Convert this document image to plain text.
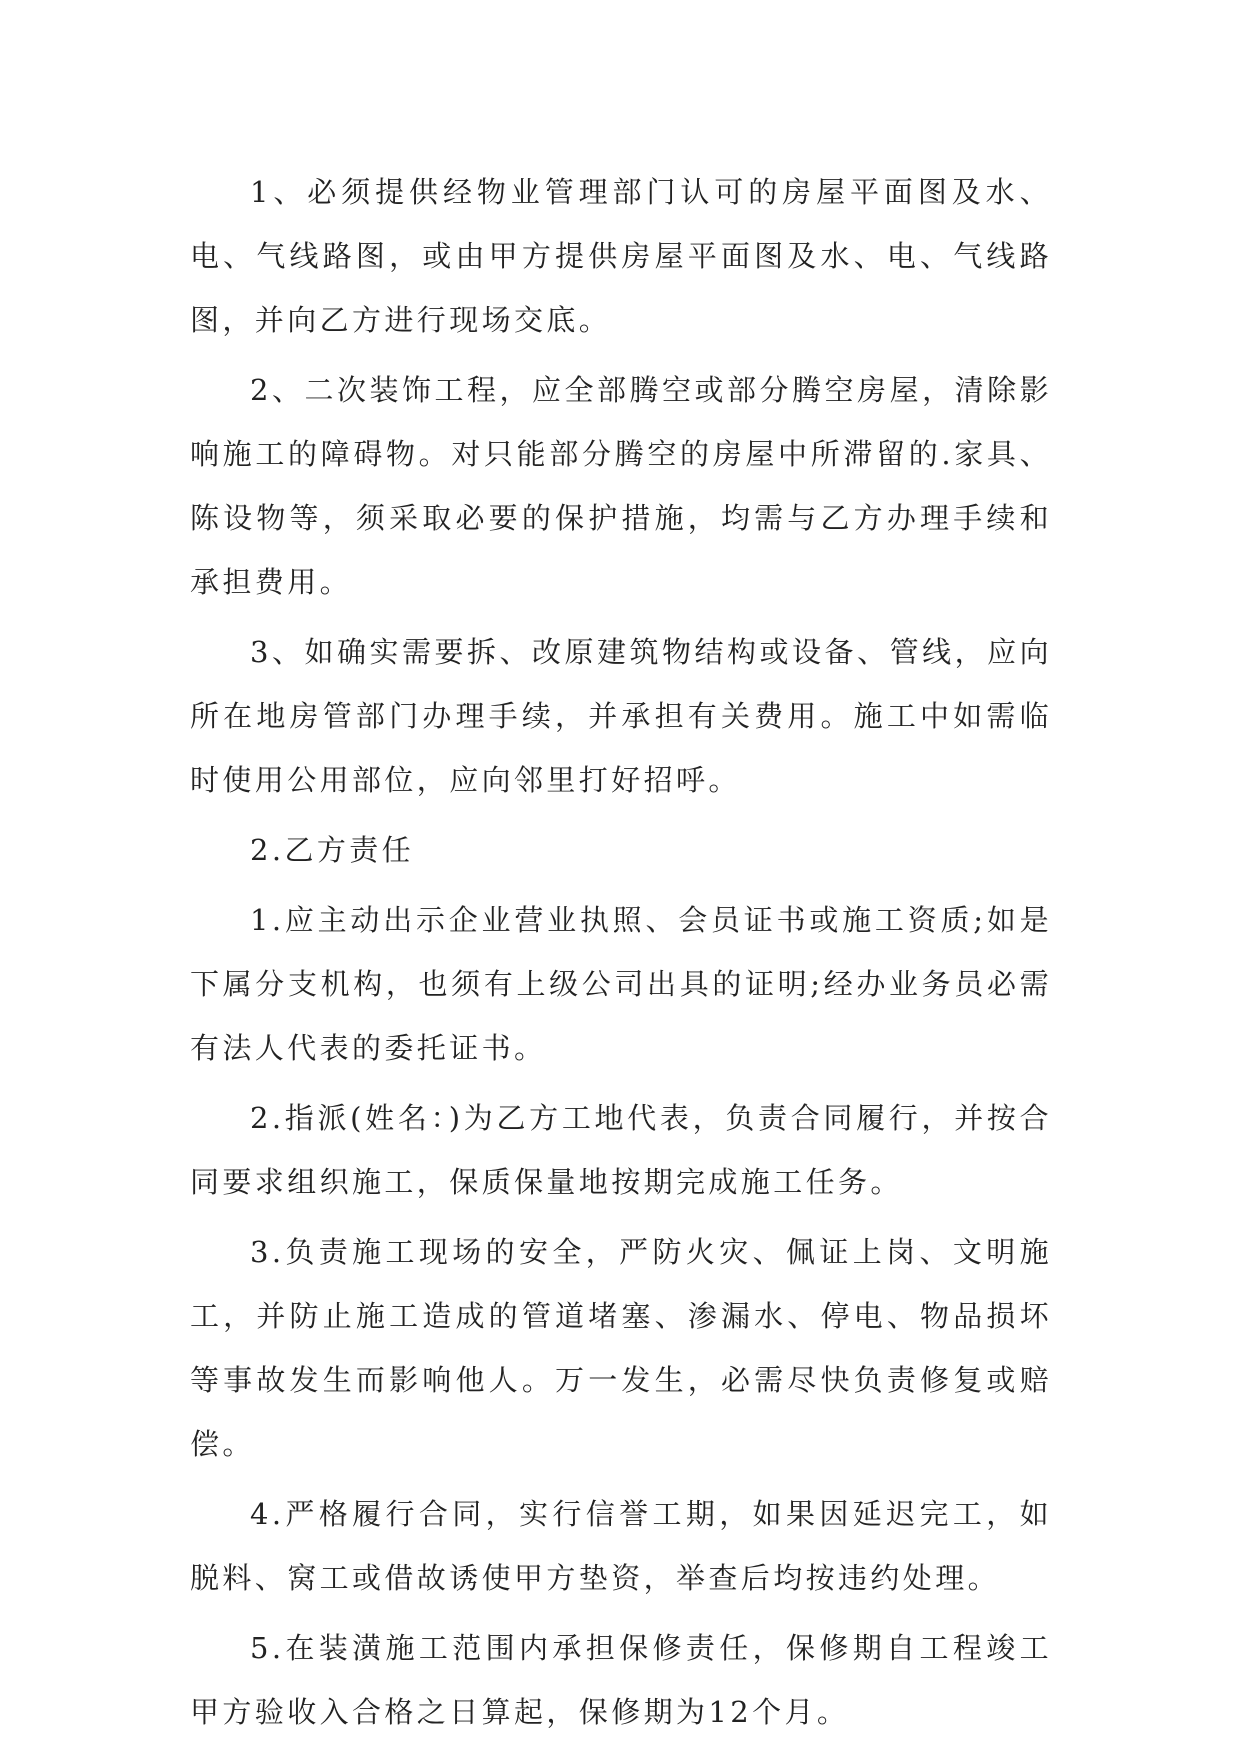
1、必须提供经物业管理部门认可的房屋平面图及水、电、气线路图，或由甲方提供房屋平面图及水、电、气线路图，并向乙方进行现场交底。

2、二次装饰工程，应全部腾空或部分腾空房屋，清除影响施工的障碍物。对只能部分腾空的房屋中所滞留的.家具、陈设物等，须采取必要的保护措施，均需与乙方办理手续和承担费用。

3、如确实需要拆、改原建筑物结构或设备、管线，应向所在地房管部门办理手续，并承担有关费用。施工中如需临时使用公用部位，应向邻里打好招呼。

2.乙方责任

1.应主动出示企业营业执照、会员证书或施工资质;如是下属分支机构，也须有上级公司出具的证明;经办业务员必需有法人代表的委托证书。

2.指派(姓名：)为乙方工地代表，负责合同履行，并按合同要求组织施工，保质保量地按期完成施工任务。

3.负责施工现场的安全，严防火灾、佩证上岗、文明施工，并防止施工造成的管道堵塞、渗漏水、停电、物品损坏等事故发生而影响他人。万一发生，必需尽快负责修复或赔偿。

4.严格履行合同，实行信誉工期，如果因延迟完工，如脱料、窝工或借故诱使甲方垫资，举查后均按违约处理。

5.在装潢施工范围内承担保修责任，保修期自工程竣工甲方验收入合格之日算起，保修期为12个月。
